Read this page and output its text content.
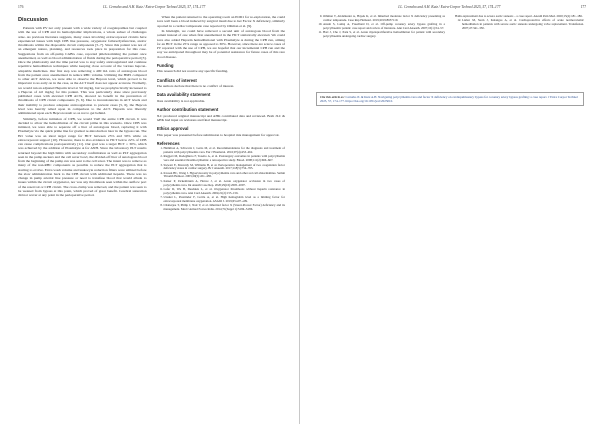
176	I.L. Cernaho and A.H. Kutz / Extra-Corpor Technol 2025, 57, 174–177
Discussion

Patients with PV not only present with a wide variety of coagulopathies but coupled with the use of CPB and its hemodynamic implications, a whole subset of challenges arise. As previous literature suggests, many cases involving extracorporeal circuits have experienced issues with high CPB line pressure, oxygenator failure/dysfunction, and/or thrombosis within the disposable circuit components [5–7]. Since this patient was not of an emergent nature, planning, and resources took place in preparation for this case. Suggestions from an off-pump CABG case, reported phlebotomizing the patient once anesthetized, as well as blood administration of fluids during the perioperative period [3]. Once the phlebotomy and the time period was to stay safely anticoagulated and continue repetitive hemodilution techniques while keeping close account of the various hepcon-adaptable medicines. Our first step was removing a 400 mL ratio of autologous blood from the patient once anesthetized in reduce RBC volume. Utilizing the HMS compared to other ACT devices, we were able to observe the Hepcon level, which proved to be important to us early on in the case, as the ACT itself does not appear accurate. Normally, we would run an adjusted Heparin level at 3.0 mg/kg, but we prophylactically increased to a Hepcon of 4.0 mg/kg for this patient. This was particularly done since previously published cases with elevated CPB ACTs, showed no benefit in the prevention of thrombosis of CPB circuit components [5, 6]. Due to inconsistencies in ACT levels and their inability to produce adequate anticoagulation to prevent cases [5, 6], the Hepcon level was heavily relied upon in comparison to the ACT. Heparin was liberally administered upon each Hepcon result so as not to get behind.

Similarly, before initiation of CPB, we would VAP the entire CPB circuit. It was decided to allow the hemodilution of the circuit prime in this scenario. Once CPB was initiated, we were able to separate off a liter of autologous blood, replacing it with Plasmalyte via the quick prime line for gradual re-introduction later in the bypass run. The Hct value was an ideal target range for HCT between 25% and 30% while on extracorporeal support [10]. However, there is also evidence in HCT below 22% of CPB can cause complications postoperatively [11]. Our goal was a target HCT = 30%, which was achieved by the addition of Plasmalyte A for ANH. Since the laboratory PLT results returned beyond the high limits with secondary confirmation as well as PLT aggregation seen in the pump suckers and the cell saver bowl, the divided-off liter of autologous blood from the beginning of the pump run was sent to the cell saver. The intent was to remove as many of the non-RBC components as possible to reduce the PLT aggregation that is starting to evolve. Extra wash volume and leukocyte reduction filters were utilized before the slow administration back to the CPB circuit with additional heparin. There was no change in pump arterial line pressure or need to transfuse blood that would allude to issues within the circuit oxygenator, nor was any thrombosis seen within the outflow port of the reservoir or CPB circuit. The cross-clamp was removed, and the patient was seen to be weaned from bypass at this point, which proved of great benefit. Cerebral saturation did not waver at any point in the perioperative period.

When the patient returned to the operating room on POD1 for re-exploration, the could have well been a blood induced by surgical insult due to her Factor X deficiency, similarly reported in a cardiac tamponade case reported by Othman et al. [9].

In hindsight, we could have removed a second unit of autologous blood from the patient instead of one when first anesthetized in the HCT statistically elevated. We could have also added Heparin hemodilutional with Plasmalyte A during the CPB run, aiming for an HCT in the 25% range as opposed to 30%. However, since there are scarce cases of PV reported with the use of CPB, we are hopeful that our incremental CPB run and the way we anticipated throughout may be of potential assistance for future cases of this rare blood disease.

Funding

This research did not receive any specific funding.

Conflicts of interest

The authors declare that there is no conflict of interest.

Data availability statement

Data availability is not applicable.

Author contribution statement

JLC produced original manuscript and AHK contributed data and reviewed. Both JLC & AHK had input on revisions and final manuscript.

Ethics approval

This paper was presented before submission to hospital risk management for approval.

References
1. Hamilton A, Schwartz J, Gatto M, et al. Recommendations for the diagnosis and treatment of patients with polycythaemia vera. Eur J Haematol. 2016;97(4):453–462.
2. Ruggeri M, Rodeghiero F, Tosetto A, et al. Postsurgery outcomes in patients with polycythemia vera and essential thrombocythemia: a retrospective study. Blood. 2008;111(2):666–667.
3. Stewart E, Macurdy M, Williams B, et al. Perioperative management of two coagulation factor deficiency states in cardiac surgery. Br J Anaesth. 2017;118(5):754–765.
4. Kwaan HC, Wang J. Hyperviscosity in polycythemia vera and other red cell abnormalities. Semin Thromb Hemost. 2003;29(5):451–458.
5. Kaiser P, Zickenbrunn A, Herwe J, et al. Acute oxygenator occlusion in two cases of polycythemia vera. Int Anesth Case Rep. 2020;29(10):2005–2007.
6. Lafer D, Wu B, Desdakis L, et al. Oxygenator thrombosis without heparin resistance in polycythemia vera. Ann Card Anaesth. 2004;21(2):155–156.
7. Ursulet L, Prestinder F, Cecila A, et al. High hemoglobin level as a limiting factor for extracorporeal membrane oxygenation. ASAIO J. 2019;65:e07–e09.
8. Chatterjee T, Philip J, Nair V, et al. Inherited factor X (Stuart-Prower Factor) deficiency and its management. Med J Armed Forces India. 2014;71(Suppl 1):S184–S186.
I.L. Cernaho and A.H. Kutz / Extra-Corpor Technol 2025, 57, 174–177	177
9. Othman T, Abdelkader A, Hayek K, et al. Inherited moderate factor X deficiency presenting as cardiac tamponade. Case Rep Hematol. 2019;2019:8657110.
10. Ansah S, Lamaj A, Freedland D, et al. Off-pump coronary artery bypass grafting in a polycythaemic patient: case report and review of literature. Ann Card Anaesth. 2007;10(1):54–57.
11. Hart J, Cho J, Park S, et al. Acute myeloproliferative hemodilution for patient with secondary polycythaemia undergoing cardiac surgery.
Hahn-replacement due to severe aortic stenosis – a case report. Anesth Pain Med. 2020;15(2):181–186.
12. Lieber M, Stern J, Kalangos A, et al. Cardioprotective effects of acute normovolemic hemodilution in patients with severe aortic stenosis undergoing valve replacement. Transfusion. 2007;47:341–350.
Cite this article as: Cernaho JL & Kutz A.H. Navigating polycythemia vera and factor X deficiency on cardiopulmonary bypass for coronary artery bypass grafting: a case report. J Extra Corpor Technol 2025, 57, 174–177. https://doi.org/10.1051/ject/2025010.
